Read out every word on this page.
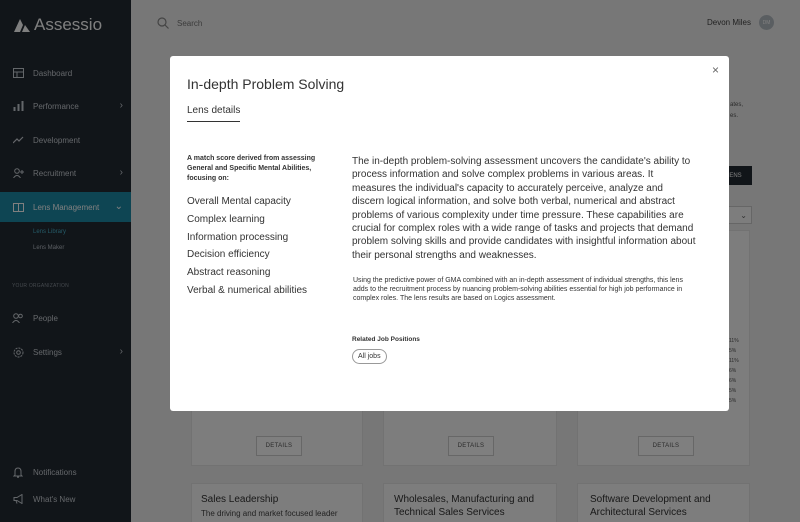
In-depth Problem Solving
×
Lens details
A match score derived from assessing General and Specific Mental Abilities, focusing on:
Overall Mental capacity
Complex learning
Information processing
Decision efficiency
Abstract reasoning
Verbal & numerical abilities
The in-depth problem-solving assessment uncovers the candidate's ability to process information and solve complex problems in various areas. It measures the individual's capacity to accurately perceive, analyze and discern logical information, and solve both verbal, numerical and abstract problems of various complexity under time pressure. These capabilities are crucial for complex roles with a wide range of tasks and projects that demand problem solving skills and provide candidates with insightful information about their personal strengths and weaknesses.
Using the predictive power of GMA combined with an in-depth assessment of individual strengths, this lens adds to the recruitment process by nuancing problem-solving abilities essential for high job performance in complex roles. The lens results are based on Logics assessment.
Related Job Positions
All jobs
